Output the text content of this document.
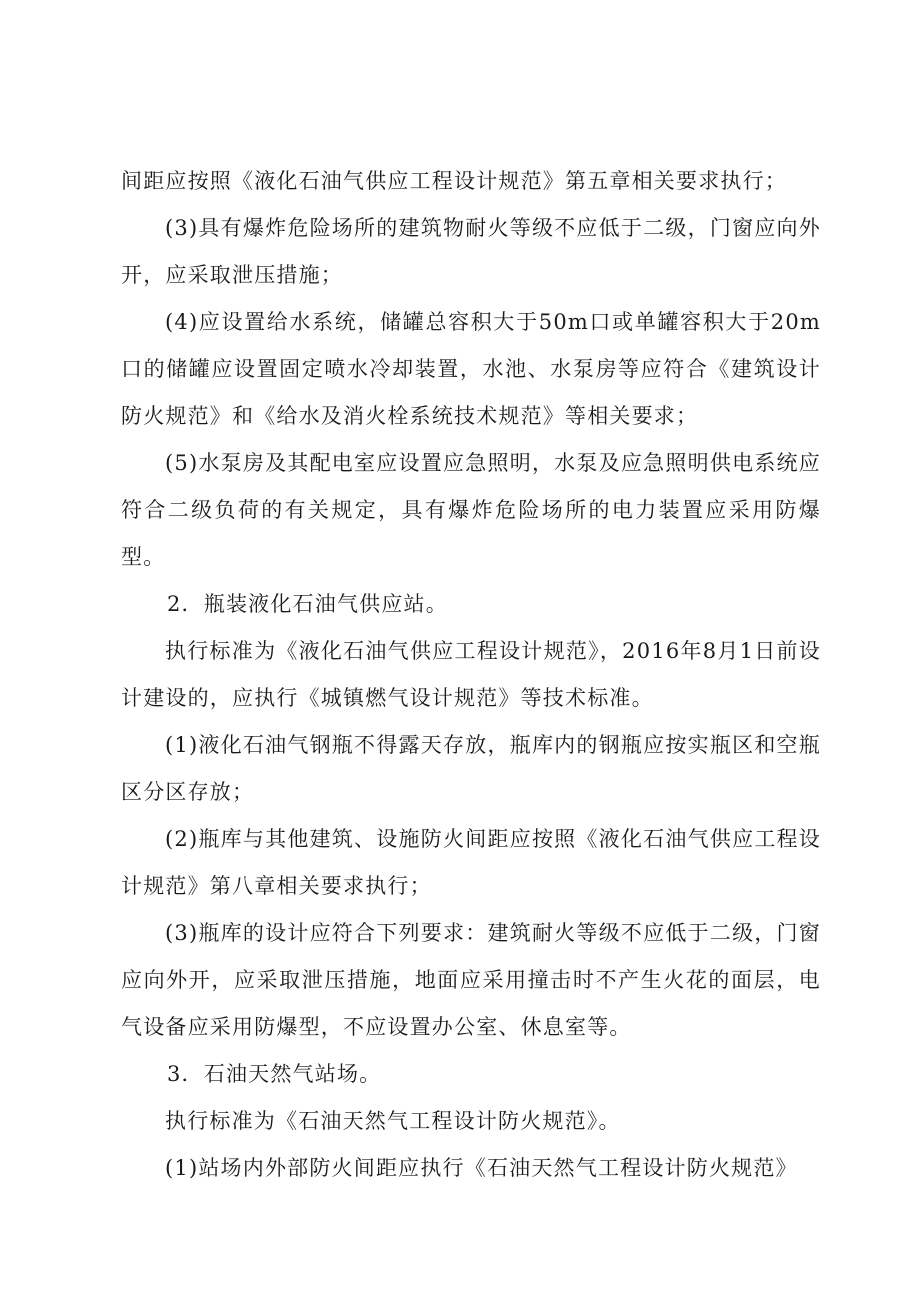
间距应按照《液化石油气供应工程设计规范》第五章相关要求执行；

(3)具有爆炸危险场所的建筑物耐火等级不应低于二级，门窗应向外开，应采取泄压措施；

(4)应设置给水系统，储罐总容积大于50m口或单罐容积大于20m口的储罐应设置固定喷水冷却装置，水池、水泵房等应符合《建筑设计防火规范》和《给水及消火栓系统技术规范》等相关要求；

(5)水泵房及其配电室应设置应急照明，水泵及应急照明供电系统应符合二级负荷的有关规定，具有爆炸危险场所的电力装置应采用防爆型。

2．瓶装液化石油气供应站。

执行标准为《液化石油气供应工程设计规范》，2016年8月1日前设计建设的，应执行《城镇燃气设计规范》等技术标准。

(1)液化石油气钢瓶不得露天存放，瓶库内的钢瓶应按实瓶区和空瓶区分区存放；

(2)瓶库与其他建筑、设施防火间距应按照《液化石油气供应工程设计规范》第八章相关要求执行；

(3)瓶库的设计应符合下列要求：建筑耐火等级不应低于二级，门窗应向外开，应采取泄压措施，地面应采用撞击时不产生火花的面层，电气设备应采用防爆型，不应设置办公室、休息室等。

3．石油天然气站场。

执行标准为《石油天然气工程设计防火规范》。

(1)站场内外部防火间距应执行《石油天然气工程设计防火规范》
